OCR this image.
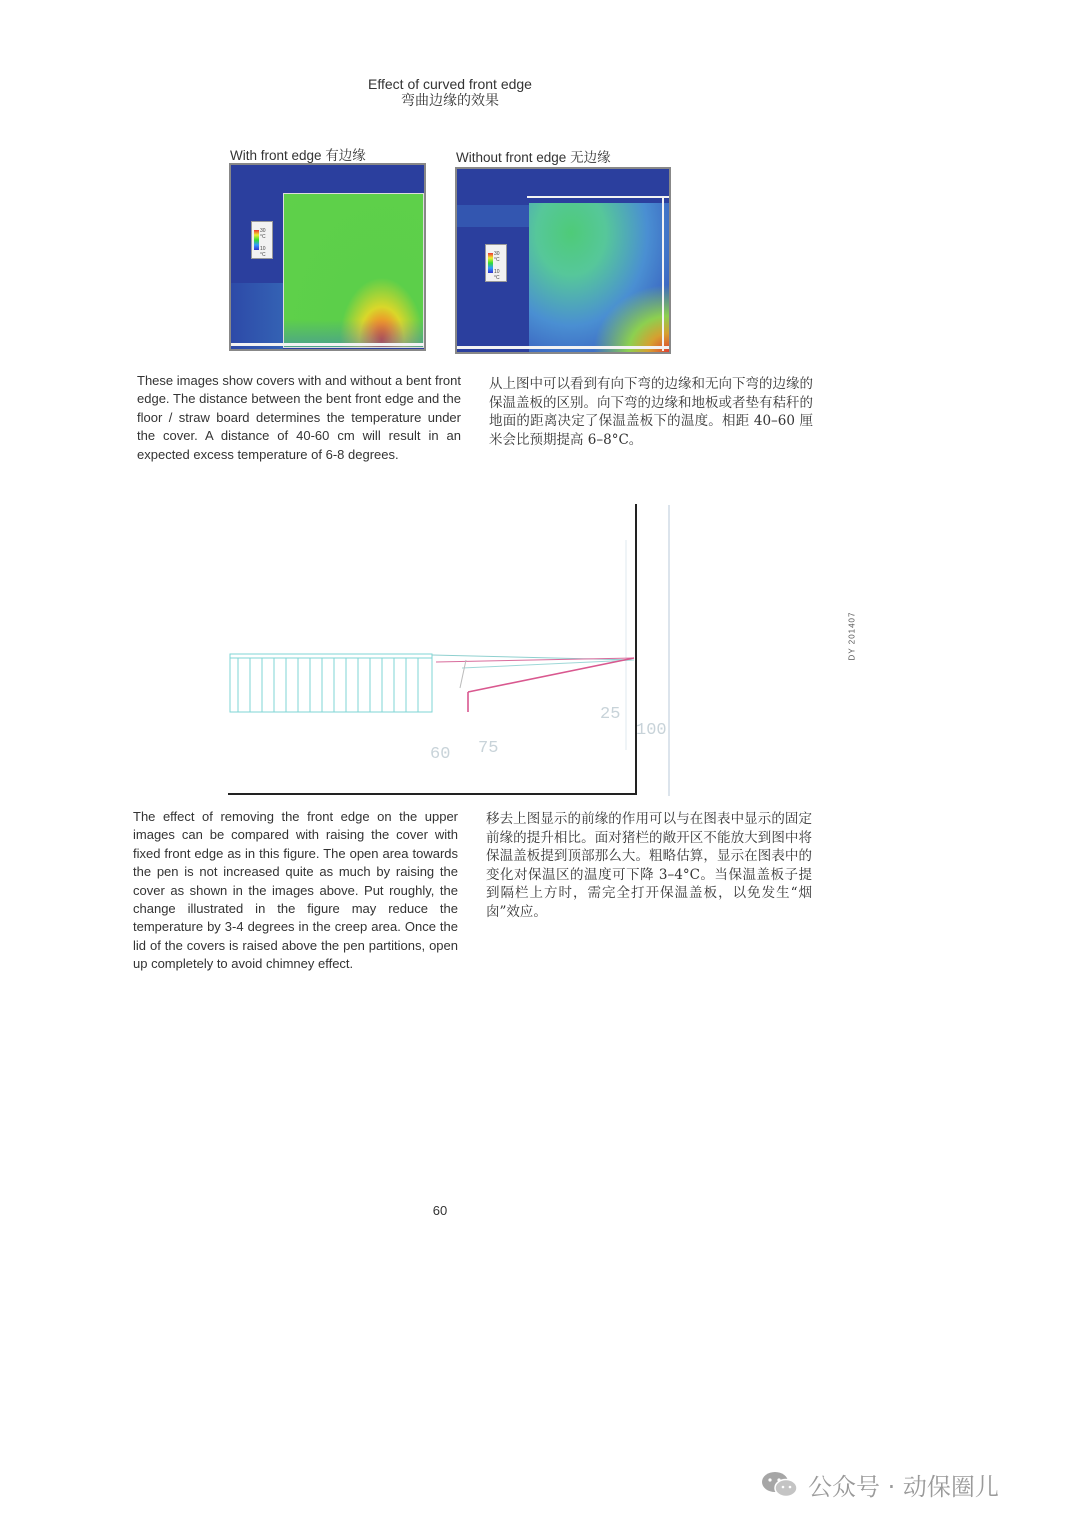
Effect of curved front edge
弯曲边缘的效果
With front edge 有边缘
30 °C
10 °C
Without front edge 无边缘
30 °C
10 °C
These images show covers with and without a bent front edge. The distance between the bent front edge and the floor / straw board determines the temperature under the cover. A distance of 40-60 cm will result in an expected excess temperature of 6-8 degrees.
从上图中可以看到有向下弯的边缘和无向下弯的边缘的保温盖板的区别。向下弯的边缘和地板或者垫有秸秆的地面的距离决定了保温盖板下的温度。相距 40–60 厘米会比预期提高 6–8°C。
25
100
60 75
The effect of removing the front edge on the upper images can be compared with raising the cover with fixed front edge as in this figure. The open area towards the pen is not increased quite as much by raising the cover as shown in the images above. Put roughly, the change illustrated in the figure may reduce the temperature by 3-4 degrees in the creep area. Once the lid of the covers is raised above the pen partitions, open up completely to avoid chimney effect.
移去上图显示的前缘的作用可以与在图表中显示的固定前缘的提升相比。面对猪栏的敞开区不能放大到图中将保温盖板提到顶部那么大。粗略估算，显示在图表中的变化对保温区的温度可下降 3–4°C。当保温盖板子提到隔栏上方时，需完全打开保温盖板，以免发生“烟囱”效应。
60
DY 201407
公众号 · 动保圈儿
